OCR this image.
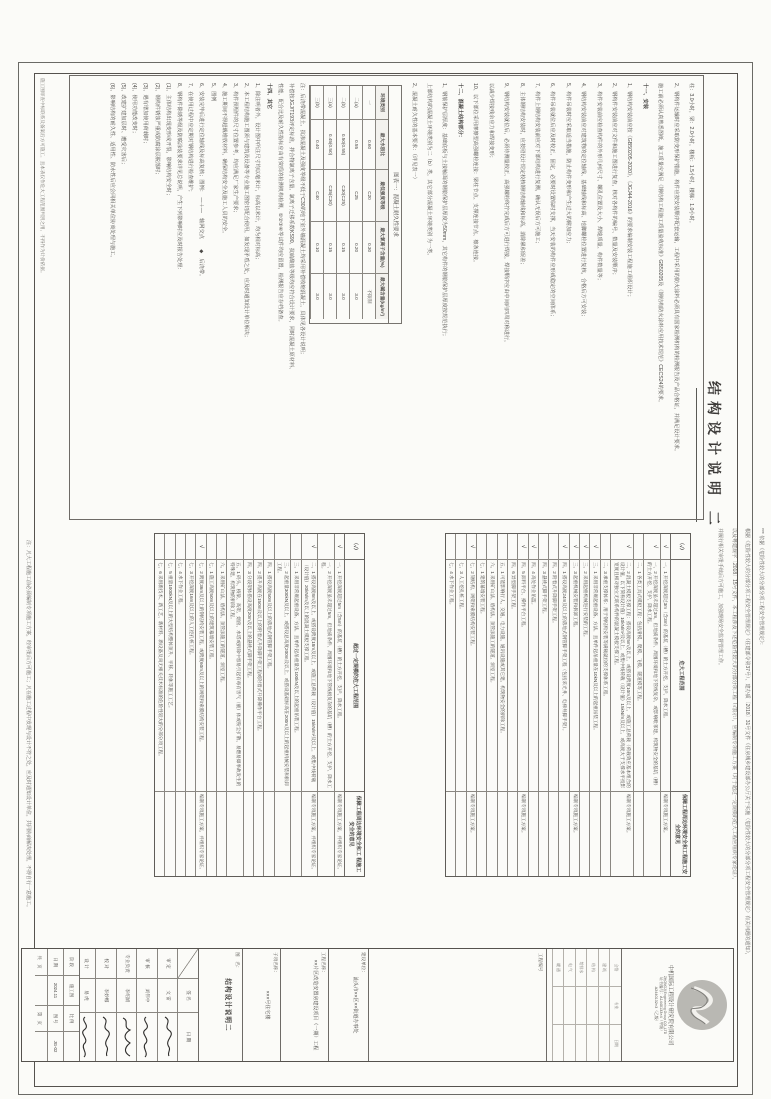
结构设计说明 二
*** 依据《危险性较大的分部分项工程安全管理规定》：
根据《危险性较大的分部分项工程安全管理规定》（住建部令第37号）、建办质〔2018〕31号文件《住房城乡建设部办公厅关于实施〈危险性较大的分部分项工程安全管理规定〉有关问题的通知》，
以及粤建规字〔2018〕15号文件，本工程涉及下述危险性较大的分部分项工程（√表示），应编制专项施工方案（对于超过一定规模的危大工程应组织专家论证），
并履行相关审批手续后方可施工，加强现场安全监督管理工作。
柱：3.0小时，梁：2.0小时，楼板：1.5小时，楼梯：1.0小时。
2、钢构件运输时应采取防变形保护措施，构件应按安装顺序配套运输，工程中采用的防火涂料必须具有国家检测机构的检测报告及产品合格证，并满足设计要求。
施工前必须认真熟悉图纸，施工质量应满足《钢结构工程施工质量验收标准》GB50205及《钢结构防火涂料应用技术规范》CECS24的要求。
十一、安装
1、钢结构安装前应按《GB50205-2020》、《JGJ44-2016》的要求编制安装工程施工组织设计；
2、钢构件安装前应对文件和施工图进行复查，核对各构件的编号、数量及安装顺序；
3、构件安装前应检查构件的外形几何尺寸、螺孔位置及大小、焊缝质量、构件数量等；
4、钢结构安装前应对建筑物的定位轴线、基础轴线和标高、地脚螺栓位置进行复核，合格后方可安装；
5、构件吊装时应采取适当措施，防止构件变形和产生过大的附加应力；
6、构件吊装就位后应及时校正、固定，必要时设置临时支撑，当天安装的构件应形成稳定的空间体系；
7、构件上钢结构安装前应对下部结构进行复测，确认无误后方可施工；
8、主体钢结构安装时，应按照设计规定校核钢结构轴线和标高，消除累积误差；
9、钢结构安装就位后，必须待测量校正、高强螺栓终拧完成后方可进行焊接，焊接顺序应由中间向四周对称进行，
以减少焊接残余应力和焊接变形；
10、以下部位采用摩擦型高强螺栓连接：梁柱节点、支撑连接节点、檩条连接。
十二、混凝土结构部分：
1、钢筋保护层厚度：基础底板与土接触面的钢筋保护层厚度为50mm，其它构件的钢筋保护层厚度按规范执行；
上部结构的混凝土环境类别为二（b）类，其它部分混凝土环境类别 为一类。
2、混凝土耐久性的基本要求：（详见表一）
图表一：混凝土耐久性要求
环境类别
最大水胶比
最低强度等级
最大氯离子含量(%)
最大碱含量(kg/m³)
一
0.60
C20
0.30
不限制
二(a)
0.55
C25
0.20
3.0
二(b)
0.50(0.55)
C30(C25)
0.15
3.0
三(a)
0.45(0.50)
C35(C30)
0.15
3.0
三(b)
0.40
C40
0.10
3.0
注：后浇带混凝土、抗渗混凝土及强度等级不低于C30的地下室外墙混凝土均采用补偿收缩混凝土，具体见各设计说明；
补偿按JGJ/T193评定标准，拌合物氯离子含量、氯离子迁移系数KS90、抗硫酸盐等级均应符合设计要求，同时混凝土原材料、
性能、配合比及耐久性指标应由有资质的检测机构检测，①②③④等试件均应留置，检测报告应存档备查。
十四、其它
1、除注明者外，设计图中所注尺寸均以毫米计，标高以米计，均为相对标高；
2、本工程结构施工图须与建筑及设备等专业施工图密切配合使用，如发现矛盾之处，应及时通知设计单位解决；
3、构件预埋件的尺寸位置参考，均应满足厂家生产要求；
4、施工期间不得超载堆放材料，确保结构安全及施工人员的安全。
5、图例
6、安装完毕后进行定位轴线及标高复核；图例：　—＋—　轴网交点　　◆　后浇带。
7、在使用过程中应定期对钢结构进行检查维护；
8、钢构件除锈等级及防腐涂装要求详见总说明，产生下列影响时应及时报告处理：
(1)、主体结构出现变形或开裂，影响结构安全时；
(2)、钢构件锈蚀严重或防腐涂层脱落时；
(3)、遇有增加使用荷载时；
(4)、使用功能改变时；
(5)、改建扩建加层时、遭受灾害后；
(6)、影响结构的耐久性、适用性、防水性后应会同相关单位协商处理与施工。
（√）
危大工程范围
保障工程周边环境安全和工程施工安全的意见
√
一、1 开挖深度超过3m（含3m）的基坑（槽）的土方开挖、支护、降水工程。
编制专项施工方案。
√
一、2 开挖深度虽未超过3m，但地质条件、周围环境和地下管线复杂，或影响毗邻建、构筑物安全的基坑（槽）的土方开挖、支护、降水工程。
二、1 各类工具式模板工程：包括滑模、爬模、飞模、隧道模等工程。
√
二、2 混凝土模板支撑工程：搭设高度5m及以上，或搭设跨度10m及以上，或施工总荷载（荷载效应基本组合的设计值，以下简称设计值）10kN/m²及以上，或集中线荷载（设计值）15kN/m及以上，或高度大于支撑水平投影宽度且相对独立无联系构件的混凝土模板支撑工程。
编制专项施工方案。
二、3 承重支撑体系：用于钢结构安装等满载就位的支撑体系工程。
√
三、1 采用非常规起重设备、方法，且单件起吊重量在10kN及以上的起重吊装工程。
√
三、2 采用起重机械进行安装的工程。
√
三、3 起重机械安装和拆卸工程。
编制专项施工方案。
√
四、1 搭设高度24m及以上的落地式钢管脚手架工程（包括采光井、电梯井脚手架）。
四、2 附着式升降脚手架工程。
四、3 悬挑式脚手架工程。
√
四、4 高处作业吊篮。
√
四、5 卸料平台、操作平台工程。
编制专项施工方案。
四、6 异型脚手架工程。
五、1 可能影响行人、交通、电力设施、通讯设施或其它建、构筑物安全的拆除工程。
六、1 采用矿山法、盾构法、顶管法施工的隧道、洞室工程。
七、1 建筑幕墙安装工程。
√
七、2 钢结构、网架和索膜结构安装工程。
编制专项施工方案。
七、3 人工挖孔桩工程。
七、4 水下作业工程。
（√）
超过一定规模的危大工程范围
保障工程周边环境安全和工 程施工安全的意见
√
一、1 开挖深度超过5m（含5m）的基坑（槽）的土方开挖、支护、降水工程。
编制专项施工方案，并组织专家论证。
一、2 开挖深度虽未超过5m，但地质条件、周围环境和地下管线极复杂的基坑（槽）的土方开挖、支护、降水工程。
√
二、1 搭设高度8m及以上，或搭设跨度18m及以上，或施工总荷载（设计值）15kN/m²及以上，或集中线荷载（设计值）20kN/m及以上的混凝土模板支撑工程。
编制专项施工方案，并组织专家论证。
三、1 采用非常规起重设备、方法，且单件起吊重量在100kN及以上的起重吊装工程。
三、2 起重量300kN及以上，或搭设总高度200m及以上，或搭设基础标高在200m及以上的起重机械安装和拆卸工程。
四、1 搭设高度50m及以上的落地式钢管脚手架工程。
四、2 提升高度在150m及以上的附着式升降脚手架工程或附着式升降操作平台工程。
四、3 分段架体搭设高度20m及以上的悬挑式脚手架工程。
五、1 码头、桥梁、高架、烟囱、水塔或拆除中容易引起有毒有害气（液）体或粉尘扩散、易燃易爆事故发生的特殊建、构筑物的拆除工程。
六、1 采用矿山法、盾构法、顶管法施工的隧道、洞室工程。
七、1 施工高度50m及以上的建筑幕墙安装工程。
√
七、2 跨度36m及以上的钢结构安装工程，或跨度60m及以上的网架和索膜结构安装工程。
编制专项施工方案，并组织专家论证。
七、3 开挖深度16m及以上的人工挖孔桩工程。
七、4 水下作业工程。
七、5 重量1000kN及以上的大型结构整体顶升、平移、转体等施工工艺。
七、6 采用新技术、新工艺、新材料、新设备及尚无相关技术标准的危险性较大的分部分项工程。
注：凡大工程施工前必须编制专项施工方案，经审批后方可施工；凡在施工过程中发现与设计不符之处，应及时通知设计单位，共同协商解决处理，不得自行一意施工。
施工图审查中标联系及备案后方可施工，且本表仅作危大工程范围判别之用，不得作为计价依据。
中机国际工程设计研究院有限公司
ZHONGJI Engineering Group CO.,LTD
证书编号：A1440133×4（甲级）
A2440132×3（乙级）
会签
专业
日期
建 筑
结 构
给排水
电 气
暖 通
工程编号
建设单位：
汕头市××区××街道办事处
工程名称：
××片区改造安置房建设项目（一期）工程
子项名称：
×××号住宅楼
图　名：
结构设计说明二
签 名
日 期
审 定
文 雷
审 核
刘伟中
专业负责
李绍娟
校 对
李妙娜
设 计
易 虎
阶 段
施工图
比 例
日 期
2024.11
图 号
JG-02
共　页
第　页
